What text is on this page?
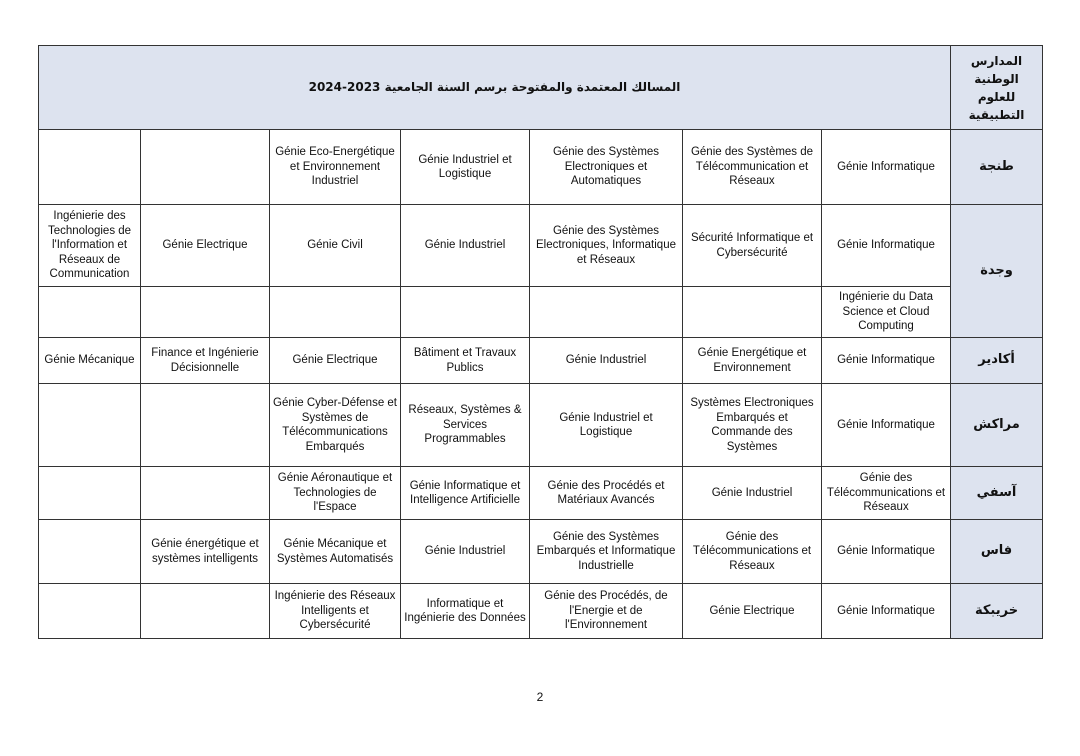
المسالك المعتمدة والمفتوحة برسم السنة الجامعية 2023-2024							المدارس الوطنية للعلوم التطبيقية
		Génie Eco-Energétique et Environnement Industriel	Génie Industriel et Logistique	Génie des Systèmes Electroniques et Automatiques	Génie des Systèmes de Télécommunication et Réseaux	Génie Informatique	طنجة
Ingénierie des Technologies de l'Information et Réseaux de Communication	Génie Electrique	Génie Civil	Génie Industriel	Génie des Systèmes Electroniques, Informatique et Réseaux	Sécurité Informatique et Cybersécurité	Génie Informatique	وجدة
						Ingénierie du Data Science et Cloud Computing	
Génie Mécanique	Finance et Ingénierie Décisionnelle	Génie Electrique	Bâtiment et Travaux Publics	Génie Industriel	Génie Energétique et Environnement	Génie Informatique	أكادير
		Génie Cyber-Défense et Systèmes de Télécommunications Embarqués	Réseaux, Systèmes & Services Programmables	Génie Industriel et Logistique	Systèmes Electroniques Embarqués et Commande des Systèmes	Génie Informatique	مراكش
		Génie Aéronautique et Technologies de l'Espace	Génie Informatique et Intelligence Artificielle	Génie des Procédés et Matériaux Avancés	Génie Industriel	Génie des Télécommunications et Réseaux	آسفي
	Génie énergétique et systèmes intelligents	Génie Mécanique et Systèmes Automatisés	Génie Industriel	Génie des Systèmes Embarqués et Informatique Industrielle	Génie des Télécommunications et Réseaux	Génie Informatique	فاس
		Ingénierie des Réseaux Intelligents et Cybersécurité	Informatique et Ingénierie des Données	Génie des Procédés, de l'Energie et de l'Environnement	Génie Electrique	Génie Informatique	خريبكة
2
